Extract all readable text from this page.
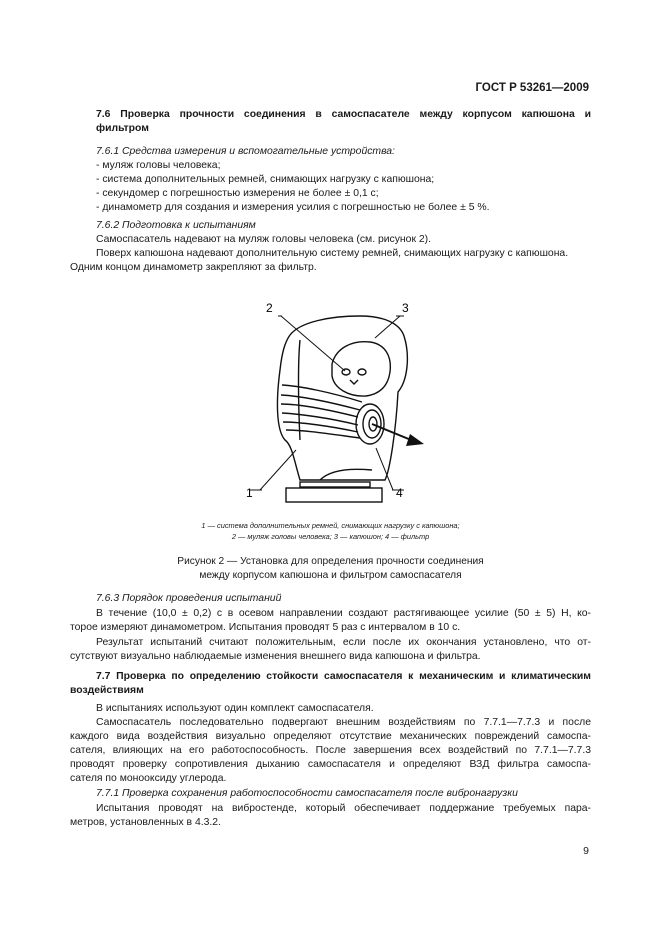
ГОСТ Р 53261—2009
7.6 Проверка прочности соединения в самоспасателе между корпусом капюшона и
фильтром
7.6.1 Средства измерения и вспомогательные устройства:
- муляж головы человека;
- система дополнительных ремней, снимающих нагрузку с капюшона;
- секундомер с погрешностью измерения не более ± 0,1 с;
- динамометр для создания и измерения усилия с погрешностью не более ± 5 %.
7.6.2 Подготовка к испытаниям
Самоспасатель надевают на муляж головы человека (см. рисунок 2).
Поверх капюшона надевают дополнительную систему ремней, снимающих нагрузку с капюшона.
Одним концом динамометр закрепляют за фильтр.
2	3
1	4
1 — система дополнительных ремней, снимающих нагрузку с капюшона;
2 — муляж головы человека; 3 — капюшон; 4 — фильтр
Рисунок 2 — Установка для определения прочности соединения
между корпусом капюшона и фильтром самоспасателя
7.6.3 Порядок проведения испытаний
В течение (10,0 ± 0,2) с в осевом направлении создают растягивающее усилие (50 ± 5) Н, ко-
торое измеряют динамометром. Испытания проводят 5 раз с интервалом в 10 с.
Результат испытаний считают положительным, если после их окончания установлено, что от-
сутствуют визуально наблюдаемые изменения внешнего вида капюшона и фильтра.
7.7 Проверка по определению стойкости самоспасателя к механическим и климатическим
воздействиям
В испытаниях используют один комплект самоспасателя.
Самоспасатель последовательно подвергают внешним воздействиям по 7.7.1—7.7.3 и после
каждого вида воздействия визуально определяют отсутствие механических повреждений самоспа-
сателя, влияющих на его работоспособность. После завершения всех воздействий по 7.7.1—7.7.3
проводят проверку сопротивления дыханию самоспасателя и определяют ВЗД фильтра самоспа-
сателя по монооксиду углерода.
7.7.1 Проверка сохранения работоспособности самоспасателя после вибронагрузки
Испытания проводят на вибростенде, который обеспечивает поддержание требуемых пара-
метров, установленных в 4.3.2.
9
